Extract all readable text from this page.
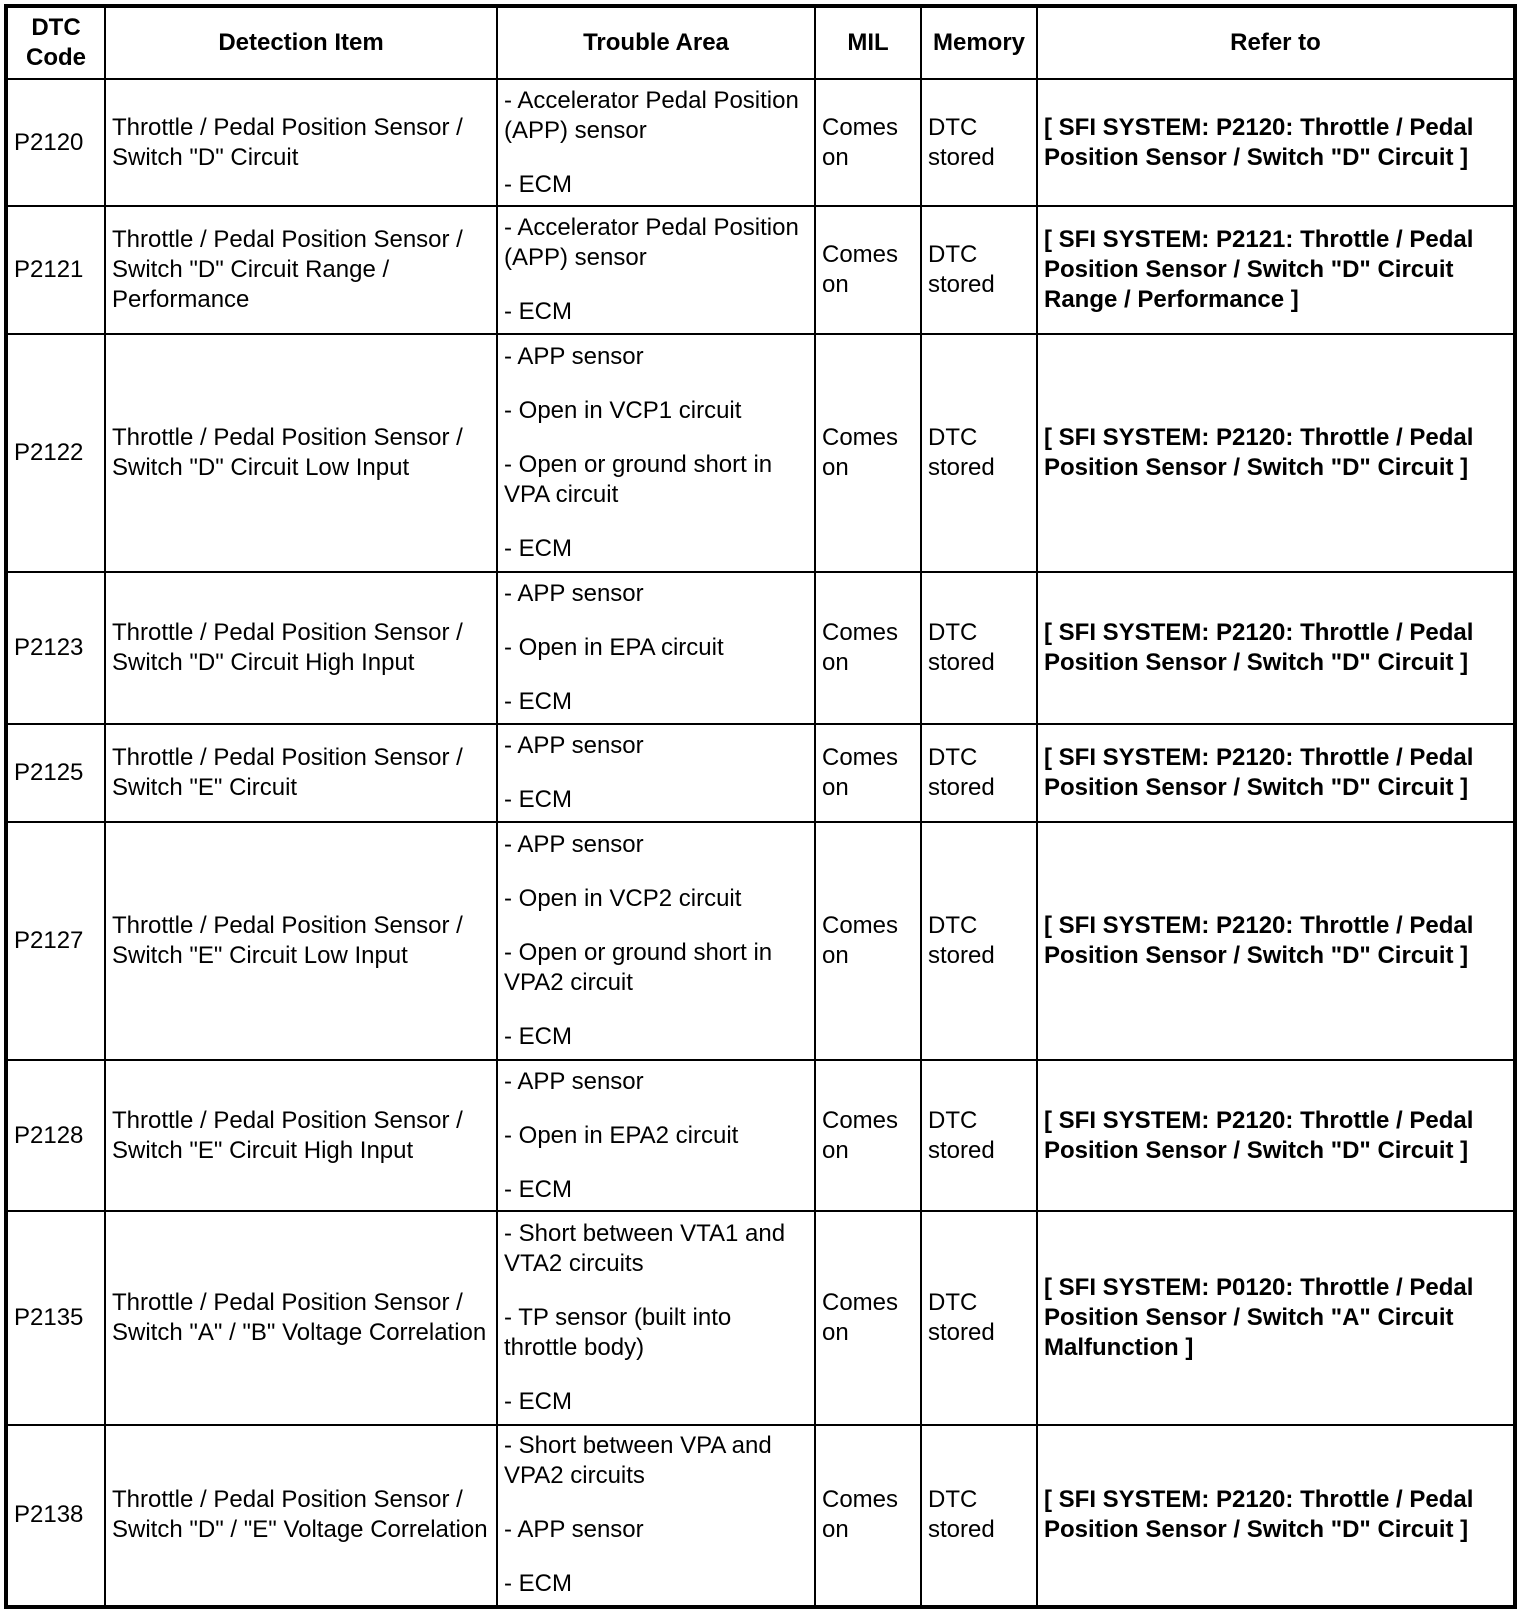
DTC
Code	Detection Item	Trouble Area	MIL	Memory	Refer to
P2120	Throttle / Pedal Position Sensor / Switch "D" Circuit	- Accelerator Pedal Position (APP) sensor
- ECM	Comes on	DTC stored	[ SFI SYSTEM: P2120: Throttle / Pedal Position Sensor / Switch "D" Circuit ]
P2121	Throttle / Pedal Position Sensor / Switch "D" Circuit Range / Performance	- Accelerator Pedal Position (APP) sensor
- ECM	Comes on	DTC stored	[ SFI SYSTEM: P2121: Throttle / Pedal Position Sensor / Switch "D" Circuit Range / Performance ]
P2122	Throttle / Pedal Position Sensor / Switch "D" Circuit Low Input	- APP sensor
- Open in VCP1 circuit
- Open or ground short in VPA circuit
- ECM	Comes on	DTC stored	[ SFI SYSTEM: P2120: Throttle / Pedal Position Sensor / Switch "D" Circuit ]
P2123	Throttle / Pedal Position Sensor / Switch "D" Circuit High Input	- APP sensor
- Open in EPA circuit
- ECM	Comes on	DTC stored	[ SFI SYSTEM: P2120: Throttle / Pedal Position Sensor / Switch "D" Circuit ]
P2125	Throttle / Pedal Position Sensor / Switch "E" Circuit	- APP sensor
- ECM	Comes on	DTC stored	[ SFI SYSTEM: P2120: Throttle / Pedal Position Sensor / Switch "D" Circuit ]
P2127	Throttle / Pedal Position Sensor / Switch "E" Circuit Low Input	- APP sensor
- Open in VCP2 circuit
- Open or ground short in VPA2 circuit
- ECM	Comes on	DTC stored	[ SFI SYSTEM: P2120: Throttle / Pedal Position Sensor / Switch "D" Circuit ]
P2128	Throttle / Pedal Position Sensor / Switch "E" Circuit High Input	- APP sensor
- Open in EPA2 circuit
- ECM	Comes on	DTC stored	[ SFI SYSTEM: P2120: Throttle / Pedal Position Sensor / Switch "D" Circuit ]
P2135	Throttle / Pedal Position Sensor / Switch "A" / "B" Voltage Correlation	- Short between VTA1 and VTA2 circuits
- TP sensor (built into throttle body)
- ECM	Comes on	DTC stored	[ SFI SYSTEM: P0120: Throttle / Pedal Position Sensor / Switch "A" Circuit Malfunction ]
P2138	Throttle / Pedal Position Sensor / Switch "D" / "E" Voltage Correlation	- Short between VPA and VPA2 circuits
- APP sensor
- ECM	Comes on	DTC stored	[ SFI SYSTEM: P2120: Throttle / Pedal Position Sensor / Switch "D" Circuit ]
